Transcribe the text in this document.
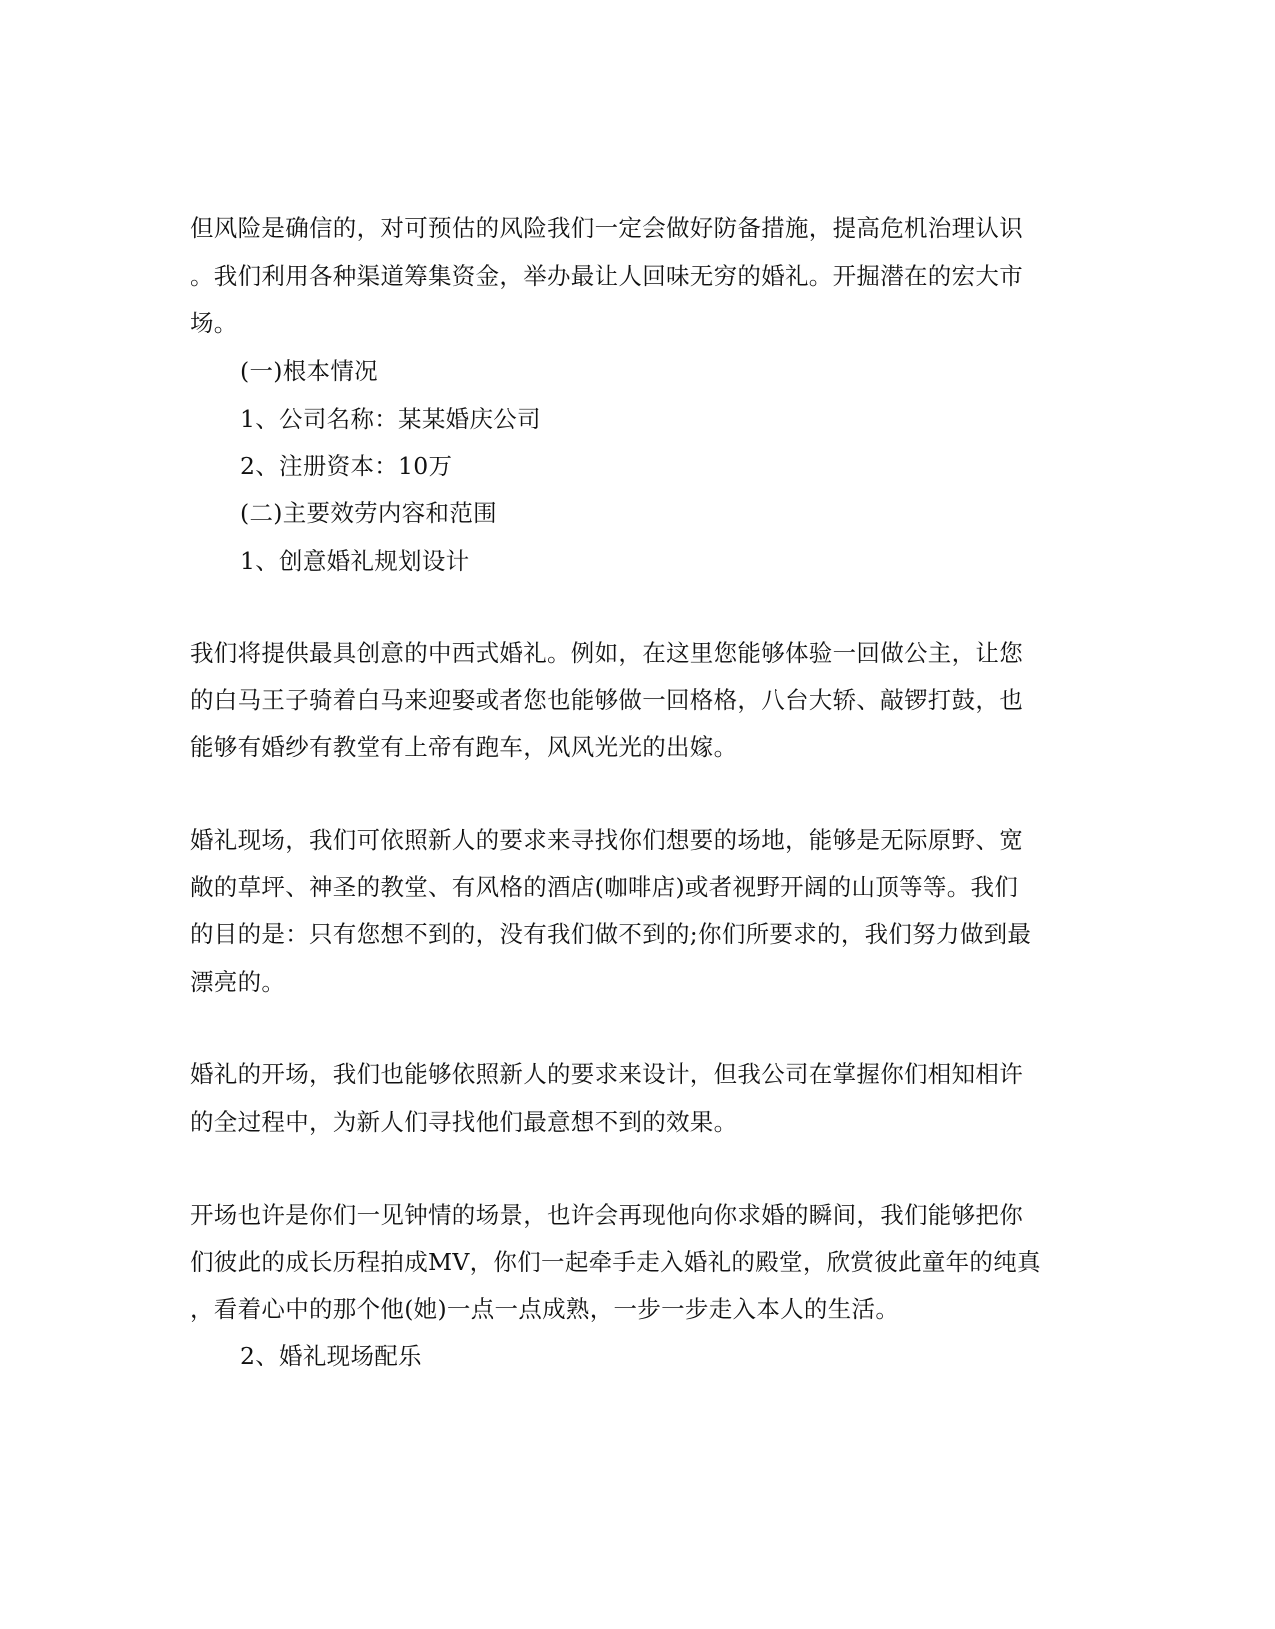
但风险是确信的，对可预估的风险我们一定会做好防备措施，提高危机治理认识
。我们利用各种渠道筹集资金，举办最让人回味无穷的婚礼。开掘潜在的宏大市
场。
(一)根本情况
1、公司名称：某某婚庆公司
2、注册资本：10万
(二)主要效劳内容和范围
1、创意婚礼规划设计
我们将提供最具创意的中西式婚礼。例如，在这里您能够体验一回做公主，让您
的白马王子骑着白马来迎娶或者您也能够做一回格格，八台大轿、敲锣打鼓，也
能够有婚纱有教堂有上帝有跑车，风风光光的出嫁。
婚礼现场，我们可依照新人的要求来寻找你们想要的场地，能够是无际原野、宽
敞的草坪、神圣的教堂、有风格的酒店(咖啡店)或者视野开阔的山顶等等。我们
的目的是：只有您想不到的，没有我们做不到的;你们所要求的，我们努力做到最
漂亮的。
婚礼的开场，我们也能够依照新人的要求来设计，但我公司在掌握你们相知相许
的全过程中，为新人们寻找他们最意想不到的效果。
开场也许是你们一见钟情的场景，也许会再现他向你求婚的瞬间，我们能够把你
们彼此的成长历程拍成MV，你们一起牵手走入婚礼的殿堂，欣赏彼此童年的纯真
，看着心中的那个他(她)一点一点成熟，一步一步走入本人的生活。
2、婚礼现场配乐
